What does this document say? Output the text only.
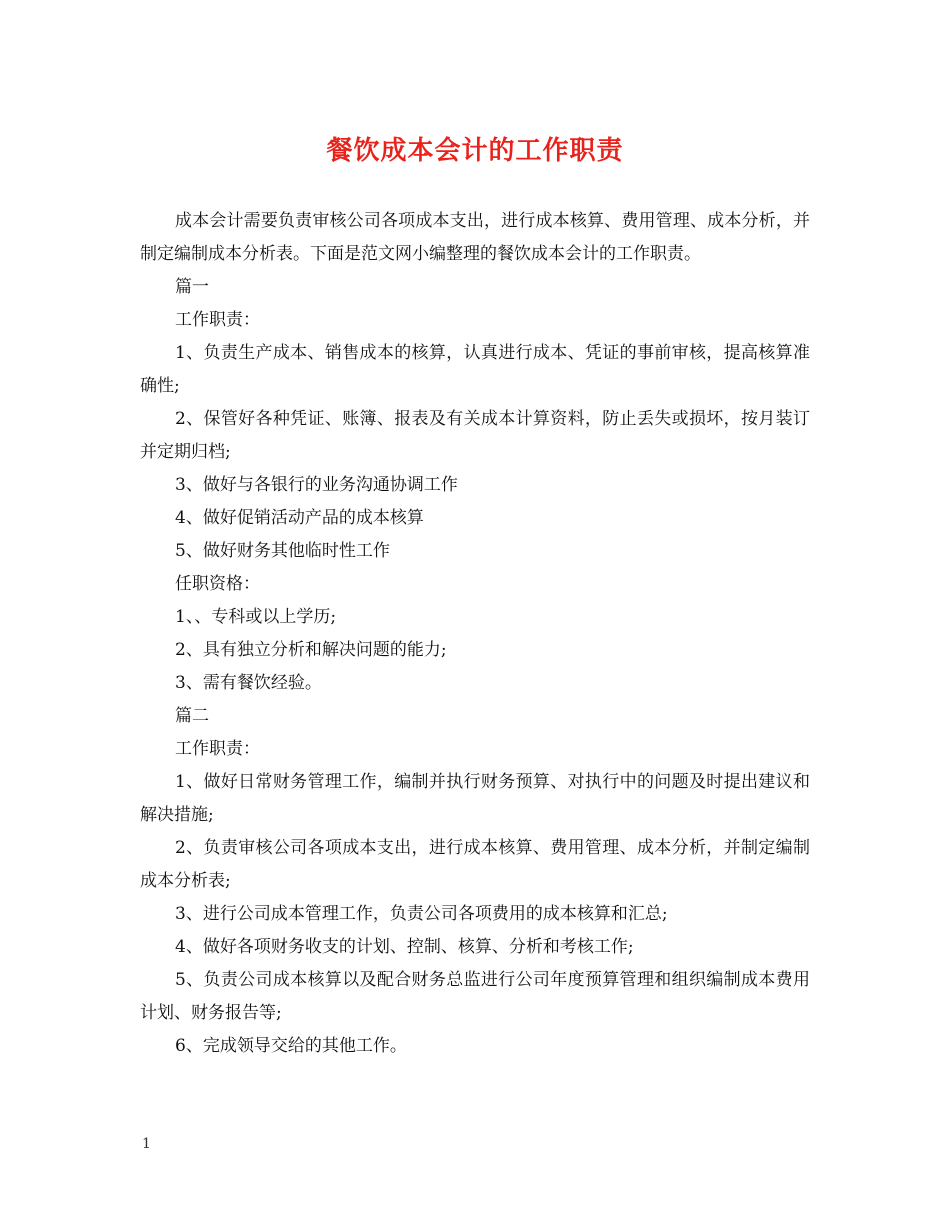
餐饮成本会计的工作职责

成本会计需要负责审核公司各项成本支出，进行成本核算、费用管理、成本分析，并制定编制成本分析表。下面是范文网小编整理的餐饮成本会计的工作职责。

篇一

工作职责：

1、负责生产成本、销售成本的核算，认真进行成本、凭证的事前审核，提高核算准确性;

2、保管好各种凭证、账簿、报表及有关成本计算资料，防止丢失或损坏，按月装订并定期归档;

3、做好与各银行的业务沟通协调工作

4、做好促销活动产品的成本核算

5、做好财务其他临时性工作

任职资格：

1、、专科或以上学历;

2、具有独立分析和解决问题的能力;

3、需有餐饮经验。

篇二

工作职责：

1、做好日常财务管理工作，编制并执行财务预算、对执行中的问题及时提出建议和解决措施;

2、负责审核公司各项成本支出，进行成本核算、费用管理、成本分析，并制定编制成本分析表;

3、进行公司成本管理工作，负责公司各项费用的成本核算和汇总;

4、做好各项财务收支的计划、控制、核算、分析和考核工作;

5、负责公司成本核算以及配合财务总监进行公司年度预算管理和组织编制成本费用计划、财务报告等;

6、完成领导交给的其他工作。

1
